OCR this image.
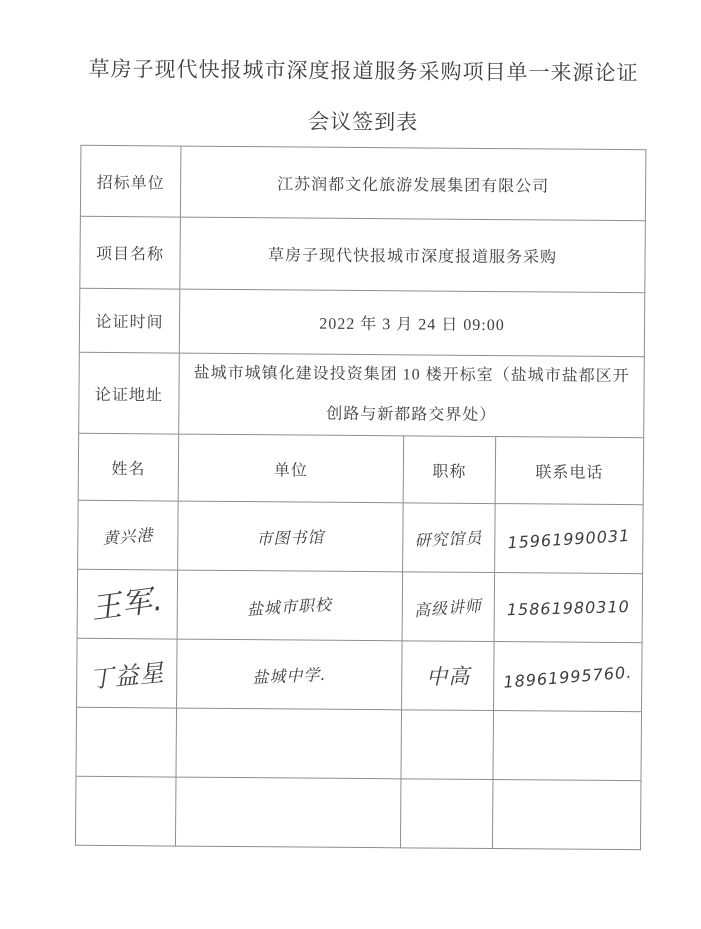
草房子现代快报城市深度报道服务采购项目单一来源论证
会议签到表
招标单位	江苏润都文化旅游发展集团有限公司		
项目名称	草房子现代快报城市深度报道服务采购		
论证时间	2022 年 3 月 24 日 09:00		
论证地址	盐城市城镇化建设投资集团 10 楼开标室（盐城市盐都区开创路与新都路交界处）		
姓名	单位	职称	联系电话
黄兴港	市图书馆	研究馆员	15961990031
王军.	盐城市职校	高级讲师	15861980310
丁益星	盐城中学.	中高	18961995760.
